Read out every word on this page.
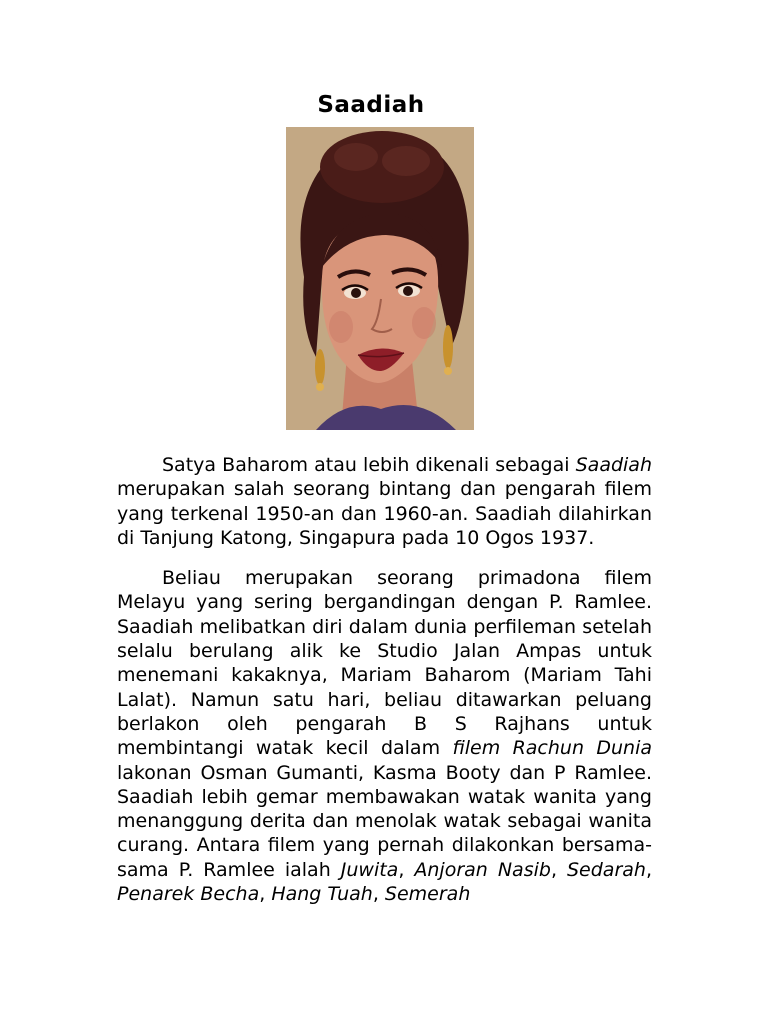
Saadiah

Satya Baharom atau lebih dikenali sebagai Saadiah merupakan salah seorang bintang dan pengarah filem yang terkenal 1950-an dan 1960-an. Saadiah dilahirkan di Tanjung Katong, Singapura pada 10 Ogos 1937.

Beliau merupakan seorang primadona filem Melayu yang sering bergandingan dengan P. Ramlee. Saadiah melibatkan diri dalam dunia perfileman setelah selalu berulang alik ke Studio Jalan Ampas untuk menemani kakaknya, Mariam Baharom (Mariam Tahi Lalat). Namun satu hari, beliau ditawarkan peluang berlakon oleh pengarah B S Rajhans untuk membintangi watak kecil dalam filem Rachun Dunia lakonan Osman Gumanti, Kasma Booty dan P Ramlee. Saadiah lebih gemar membawakan watak wanita yang menanggung derita dan menolak watak sebagai wanita curang. Antara filem yang pernah dilakonkan bersama-sama P. Ramlee ialah Juwita, Anjoran Nasib, Sedarah, Penarek Becha, Hang Tuah, Semerah
